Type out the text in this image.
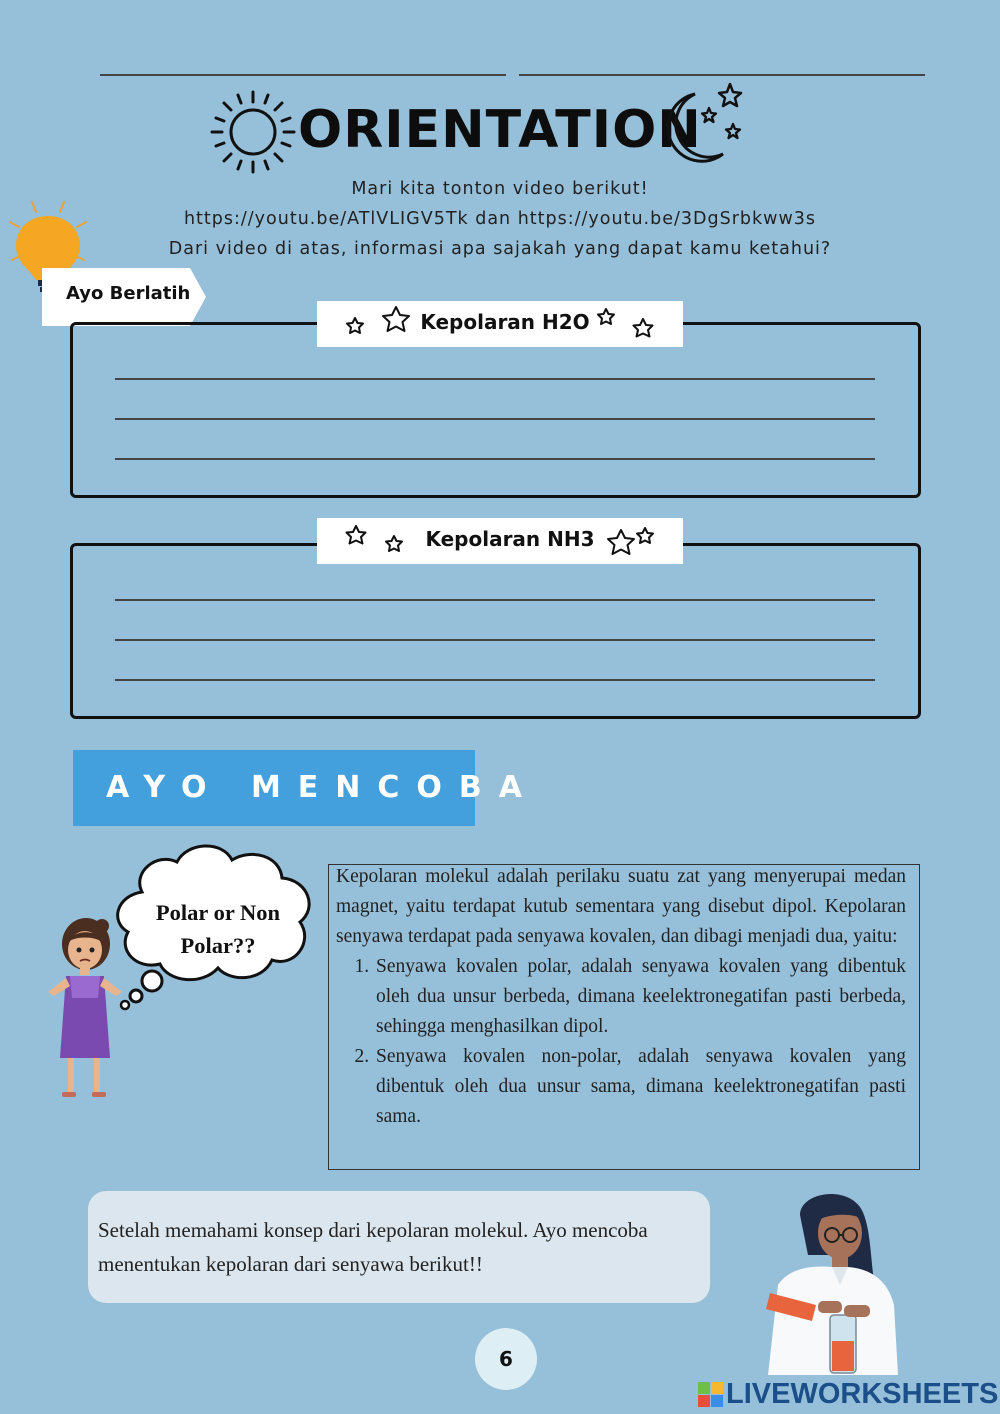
ORIENTATION
Mari kita tonton video berikut!
https://youtu.be/ATlVLIGV5Tk dan https://youtu.be/3DgSrbkww3s
Dari video di atas, informasi apa sajakah yang dapat kamu ketahui?
Ayo Berlatih
Kepolaran H2O
Kepolaran NH3
AYO MENCOBA
Polar or Non
Polar??
Kepolaran molekul adalah perilaku suatu zat yang menyerupai medan magnet, yaitu terdapat kutub sementara yang disebut dipol. Kepolaran senyawa terdapat pada senyawa kovalen, dan dibagi menjadi dua, yaitu:
1. Senyawa kovalen polar, adalah senyawa kovalen yang dibentuk oleh dua unsur berbeda, dimana keelektronegatifan pasti berbeda, sehingga menghasilkan dipol.
2. Senyawa kovalen non-polar, adalah senyawa kovalen yang dibentuk oleh dua unsur sama, dimana keelektronegatifan pasti sama.
Setelah memahami konsep dari kepolaran molekul. Ayo mencoba menentukan kepolaran dari senyawa berikut!!
6
LIVEWORKSHEETS
